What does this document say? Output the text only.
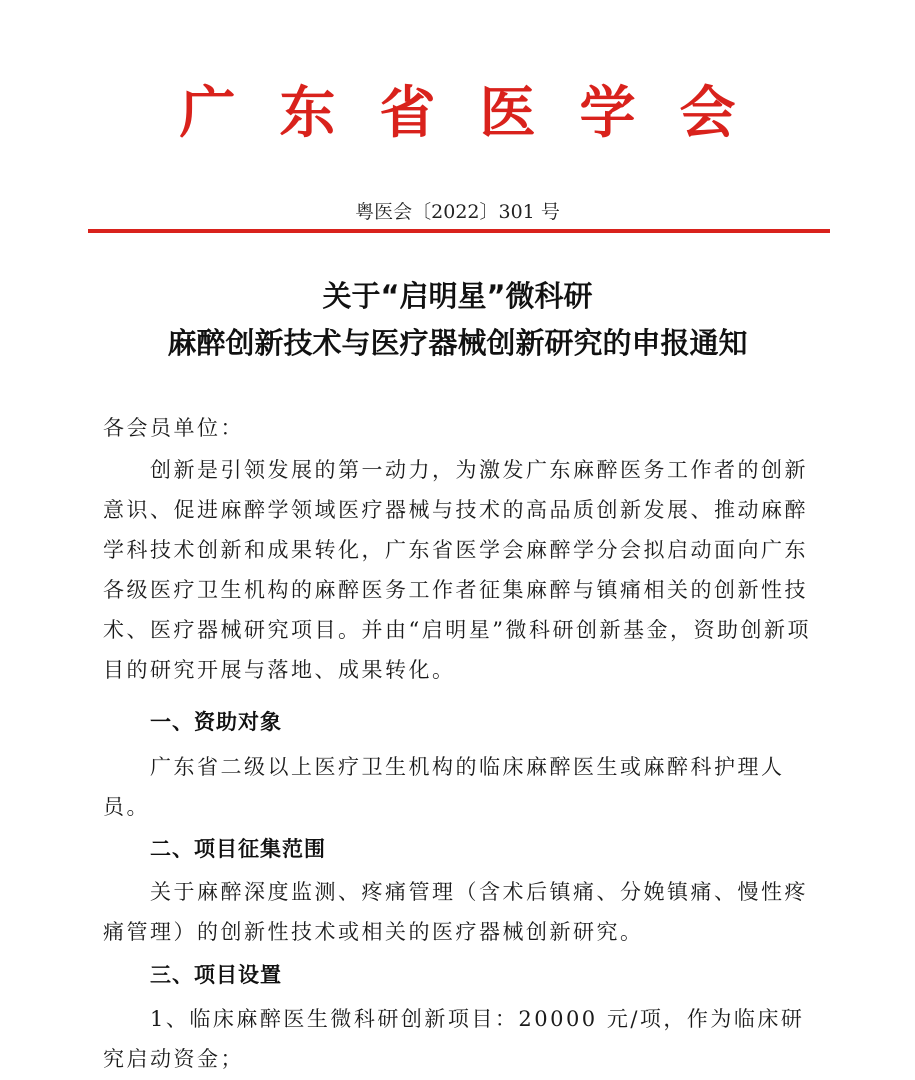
广东省医学会
粤医会〔2022〕301 号
关于“启明星”微科研
麻醉创新技术与医疗器械创新研究的申报通知
各会员单位：
创新是引领发展的第一动力，为激发广东麻醉医务工作者的创新意识、促进麻醉学领域医疗器械与技术的高品质创新发展、推动麻醉学科技术创新和成果转化，广东省医学会麻醉学分会拟启动面向广东各级医疗卫生机构的麻醉医务工作者征集麻醉与镇痛相关的创新性技术、医疗器械研究项目。并由“启明星”微科研创新基金，资助创新项目的研究开展与落地、成果转化。
一、资助对象
广东省二级以上医疗卫生机构的临床麻醉医生或麻醉科护理人员。
二、项目征集范围
关于麻醉深度监测、疼痛管理（含术后镇痛、分娩镇痛、慢性疼痛管理）的创新性技术或相关的医疗器械创新研究。
三、项目设置
1、临床麻醉医生微科研创新项目：20000 元/项，作为临床研究启动资金；
